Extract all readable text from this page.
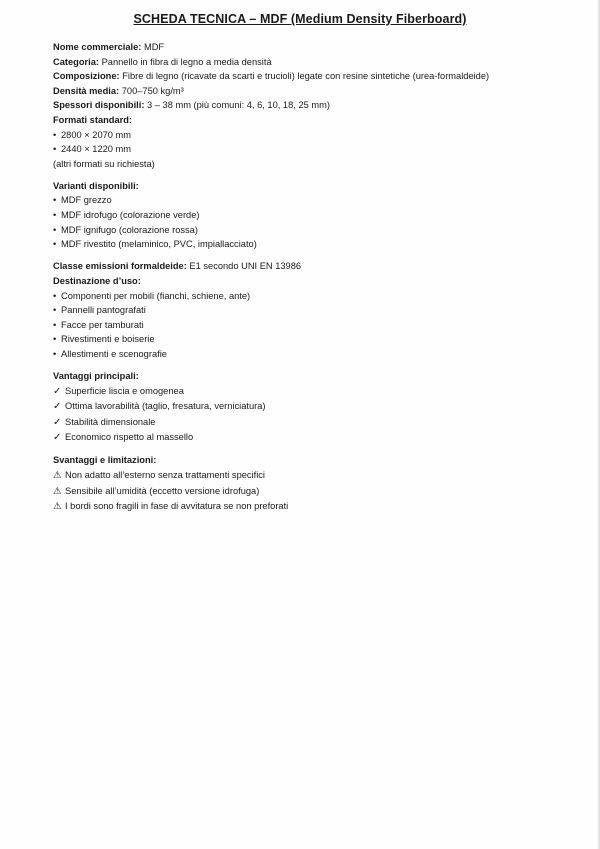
SCHEDA TECNICA – MDF (Medium Density Fiberboard)
Nome commerciale: MDF
Categoria: Pannello in fibra di legno a media densità
Composizione: Fibre di legno (ricavate da scarti e trucioli) legate con resine sintetiche (urea-formaldeide)
Densità media: 700–750 kg/m³
Spessori disponibili: 3 – 38 mm (più comuni: 4, 6, 10, 18, 25 mm)
Formati standard:
• 2800 × 2070 mm
• 2440 × 1220 mm
(altri formati su richiesta)
Varianti disponibili:
• MDF grezzo
• MDF idrofugo (colorazione verde)
• MDF ignifugo (colorazione rossa)
• MDF rivestito (melaminico, PVC, impiallacciato)
Classe emissioni formaldeide: E1 secondo UNI EN 13986
Destinazione d’uso:
• Componenti per mobili (fianchi, schiene, ante)
• Pannelli pantografati
• Facce per tamburati
• Rivestimenti e boiserie
• Allestimenti e scenografie
Vantaggi principali:
✓ Superficie liscia e omogenea
✓ Ottima lavorabilità (taglio, fresatura, verniciatura)
✓ Stabilità dimensionale
✓ Economico rispetto al massello
Svantaggi e limitazioni:
⚠ Non adatto all’esterno senza trattamenti specifici
⚠ Sensibile all’umidità (eccetto versione idrofuga)
⚠ I bordi sono fragili in fase di avvitatura se non preforati
